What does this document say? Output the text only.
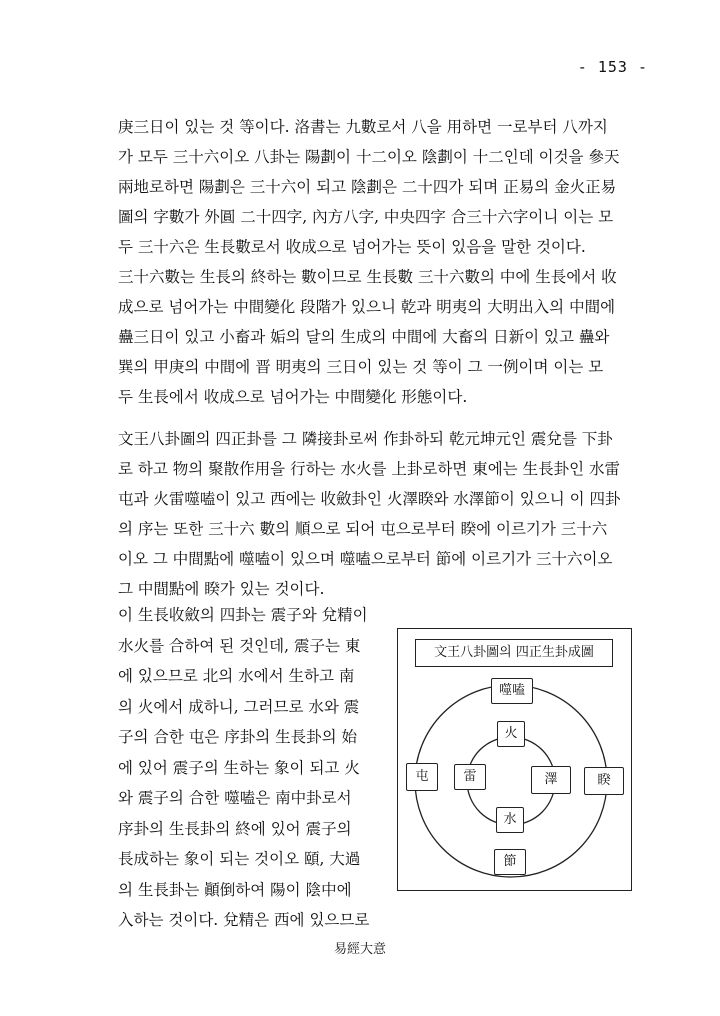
- 153 -

庚三日이 있는 것 等이다. 洛書는 九數로서 八을 用하면 一로부터 八까지
가 모두 三十六이오 八卦는 陽劃이 十二이오 陰劃이 十二인데 이것을 參天
兩地로하면 陽劃은 三十六이 되고 陰劃은 二十四가 되며 正易의 金火正易
圖의 字數가 外圓 二十四字, 內方八字, 中央四字 合三十六字이니 이는 모
두 三十六은 生長數로서 收成으로 넘어가는 뜻이 있음을 말한 것이다.

三十六數는 生長의 終하는 數이므로 生長數 三十六數의 中에 生長에서 收
成으로 넘어가는 中間變化 段階가 있으니 乾과 明夷의 大明出入의 中間에
蠱三日이 있고 小畜과 姤의 달의 生成의 中間에 大畜의 日新이 있고 蠱와
巽의 甲庚의 中間에 晋 明夷의 三日이 있는 것 等이 그 一例이며 이는 모
두 生長에서 收成으로 넘어가는 中間變化 形態이다.

文王八卦圖의 四正卦를 그 隣接卦로써 作卦하되 乾元坤元인 震兌를 下卦
로 하고 物의 聚散作用을 行하는 水火를 上卦로하면 東에는 生長卦인 水雷
屯과 火雷噬嗑이 있고 西에는 收斂卦인 火澤睽와 水澤節이 있으니 이 四卦
의 序는 또한 三十六 數의 順으로 되어 屯으로부터 睽에 이르기가 三十六
이오 그 中間點에 噬嗑이 있으며 噬嗑으로부터 節에 이르기가 三十六이오
그 中間點에 睽가 있는 것이다.

이 生長收斂의 四卦는 震子와 兌精이
水火를 合하여 된 것인데, 震子는 東
에 있으므로 北의 水에서 生하고 南
의 火에서 成하니, 그러므로 水와 震
子의 合한 屯은 序卦의 生長卦의 始
에 있어 震子의 生하는 象이 되고 火
와 震子의 合한 噬嗑은 南中卦로서
序卦의 生長卦의 終에 있어 震子의
長成하는 象이 되는 것이오 頤, 大過
의 生長卦는 顚倒하여 陽이 陰中에
入하는 것이다. 兌精은 西에 있으므로
文王八卦圖의 四正生卦成圖
噬嗑
屯	睽
節
火
雷	澤
水
易經大意
